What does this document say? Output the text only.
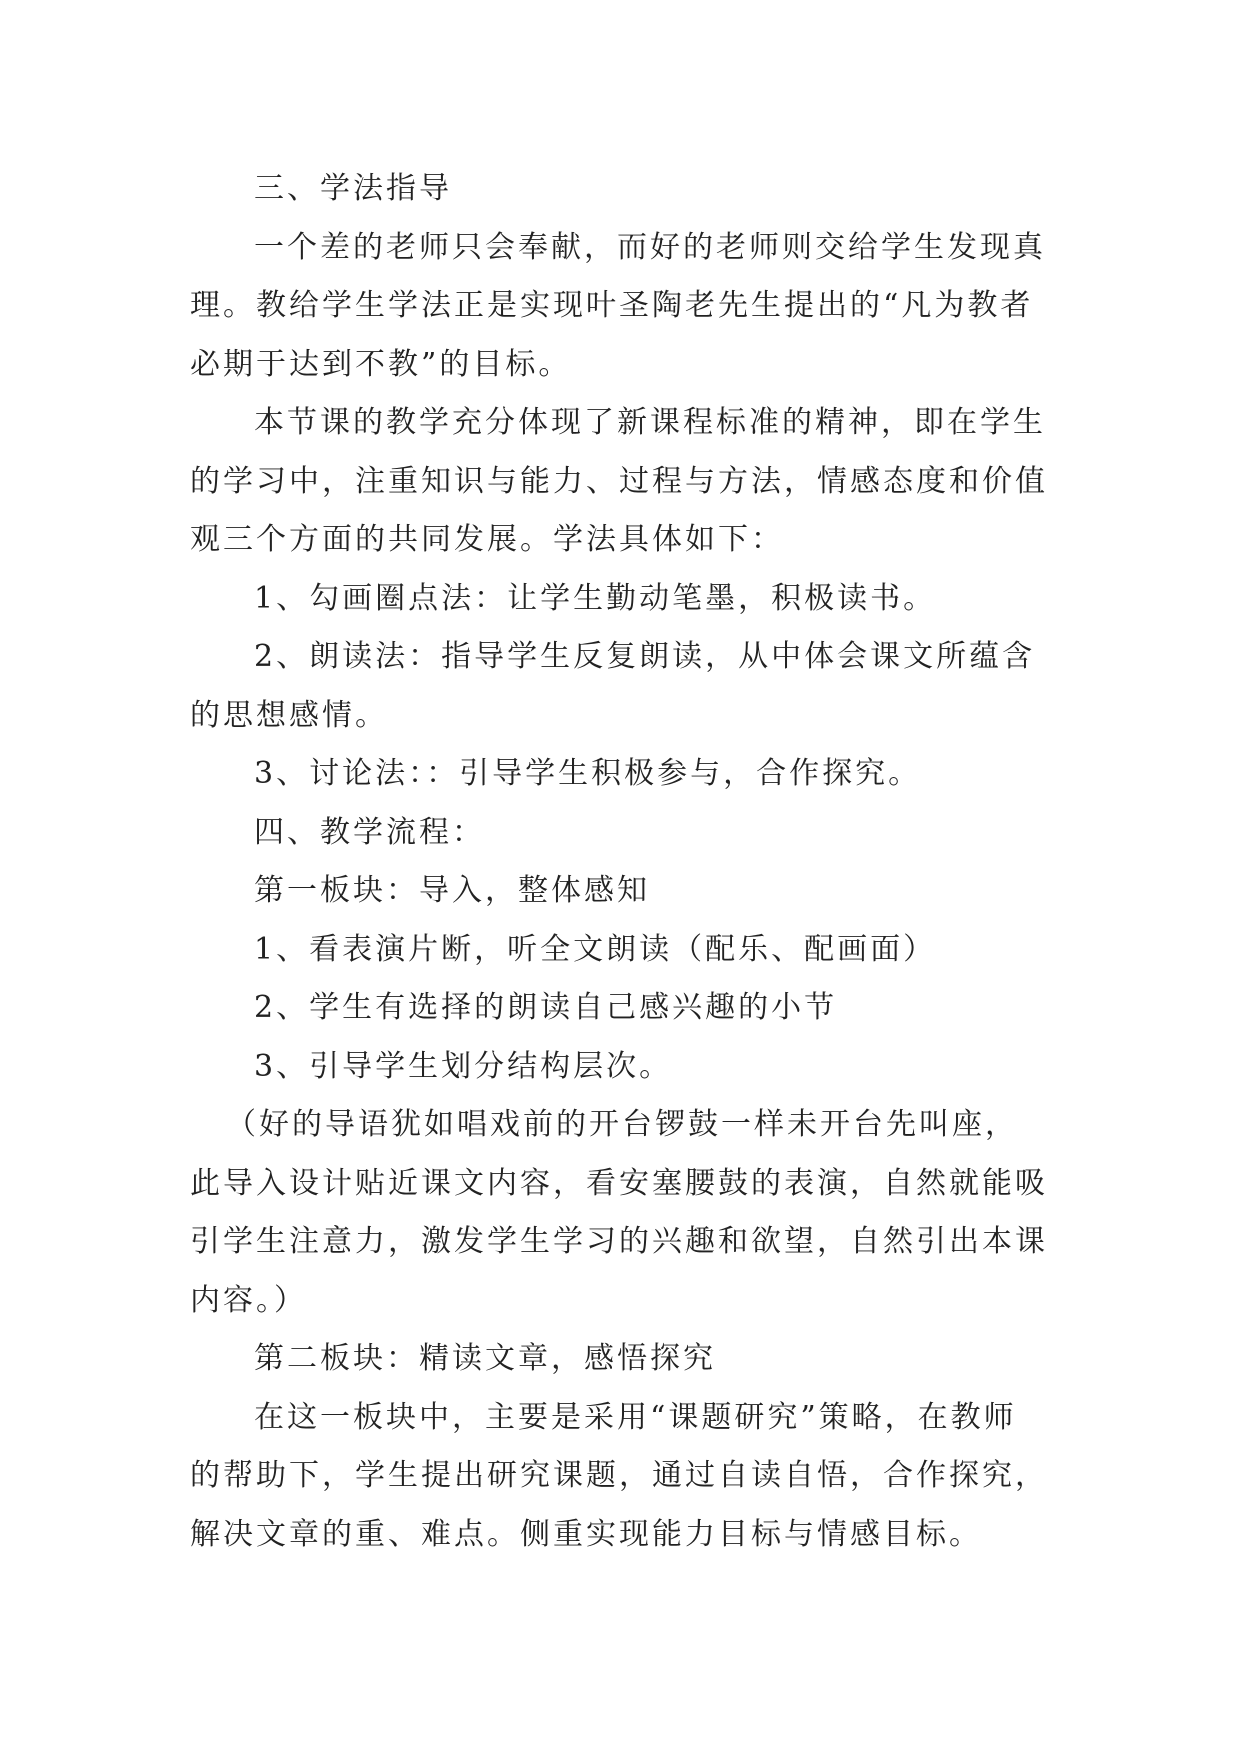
三、学法指导
一个差的老师只会奉献，而好的老师则交给学生发现真
理。教给学生学法正是实现叶圣陶老先生提出的“凡为教者
必期于达到不教”的目标。
本节课的教学充分体现了新课程标准的精神，即在学生
的学习中，注重知识与能力、过程与方法，情感态度和价值
观三个方面的共同发展。学法具体如下：
1、勾画圈点法：让学生勤动笔墨，积极读书。
2、朗读法：指导学生反复朗读，从中体会课文所蕴含
的思想感情。
3、讨论法：：引导学生积极参与，合作探究。
四、教学流程：
第一板块：导入，整体感知
1、看表演片断，听全文朗读（配乐、配画面）
2、学生有选择的朗读自己感兴趣的小节
3、引导学生划分结构层次。
（好的导语犹如唱戏前的开台锣鼓一样未开台先叫座，
此导入设计贴近课文内容，看安塞腰鼓的表演，自然就能吸
引学生注意力，激发学生学习的兴趣和欲望，自然引出本课
内容。）
第二板块：精读文章，感悟探究
在这一板块中，主要是采用“课题研究”策略，在教师
的帮助下，学生提出研究课题，通过自读自悟，合作探究，
解决文章的重、难点。侧重实现能力目标与情感目标。
